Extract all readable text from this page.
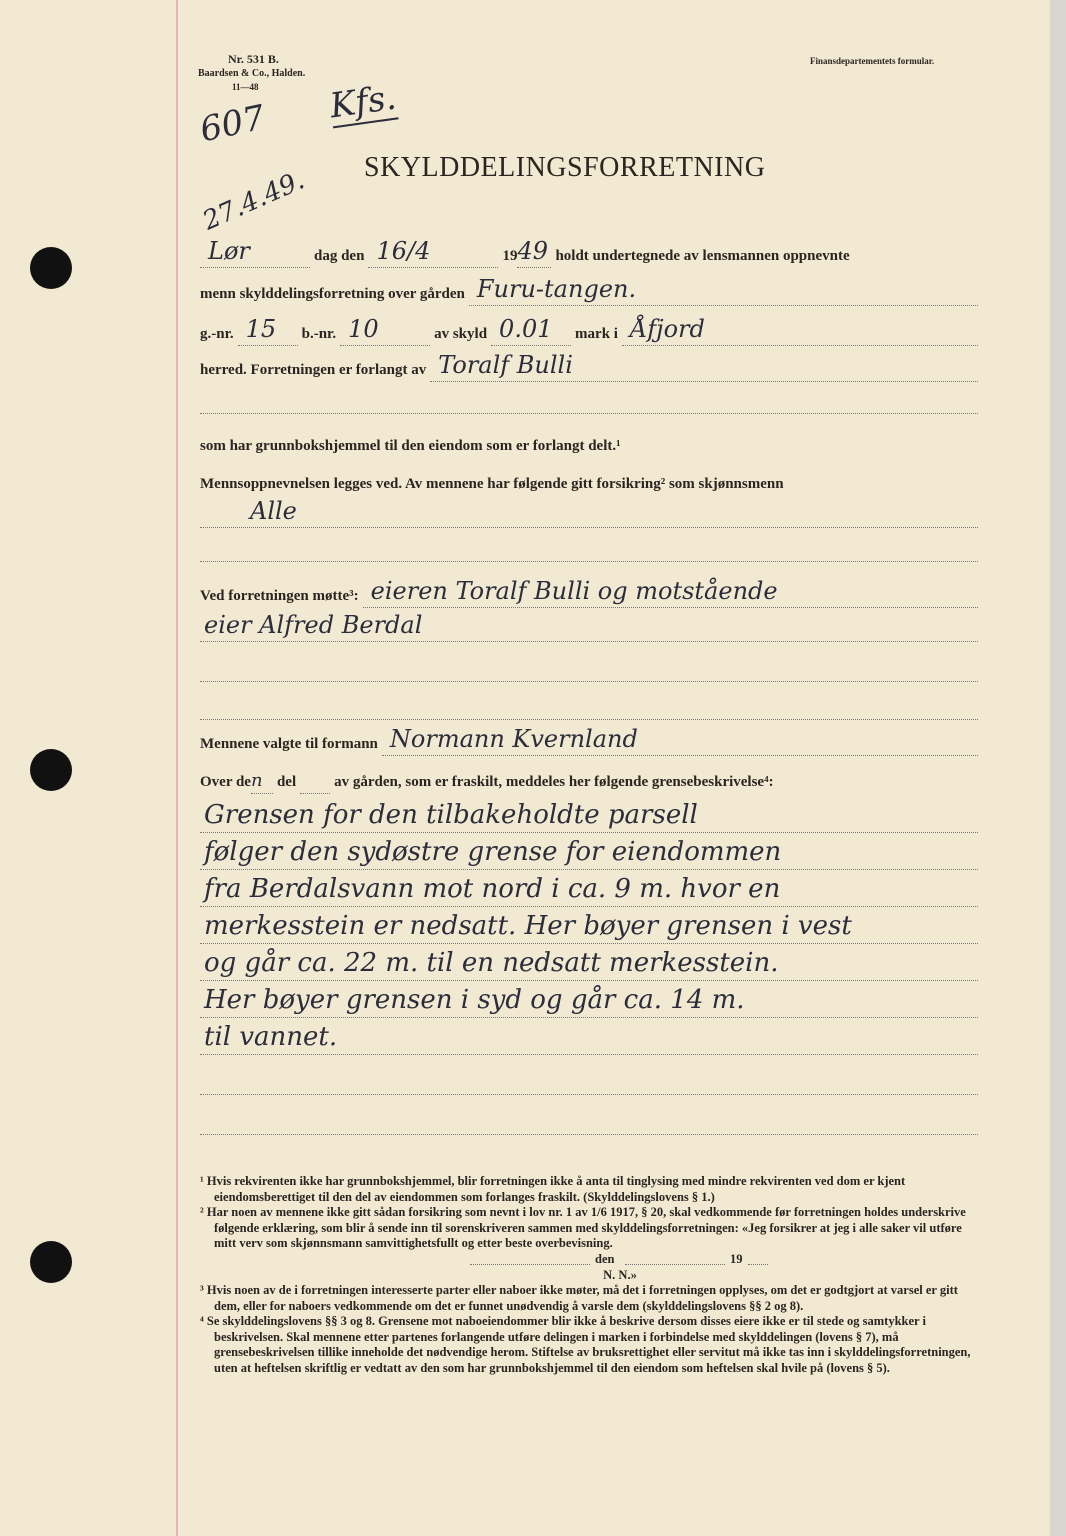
Nr. 531 B.
Baardsen & Co., Halden.
11—48
Finansdepartementets formular.
607
27.4.49.
Kfs.
SKYLDDELINGSFORRETNING
Lør	dag den 16/4	19 49 holdt undertegnede av lensmannen oppnevnte
menn skylddelingsforretning over gården Furu-tangen.
g.-nr. 15 b.-nr. 10	av skyld 0.01 mark i Åfjord
herred. Forretningen er forlangt av Toralf Bulli
som har grunnbokshjemmel til den eiendom som er forlangt delt.¹
Mennsoppnevnelsen legges ved. Av mennene har følgende gitt forsikring² som skjønnsmenn
Alle
Ved forretningen møtte³: eieren Toralf Bulli og motstående
eier Alfred Berdal
Mennene valgte til formann Normann Kvernland
Over de n del	av gården, som er fraskilt, meddeles her følgende grensebeskrivelse⁴:
Grensen for den tilbakeholdte parsell
følger den sydøstre grense for eiendommen
fra Berdalsvann mot nord i ca. 9 m. hvor en
merkesstein er nedsatt. Her bøyer grensen i vest
og går ca. 22 m. til en nedsatt merkesstein.
Her bøyer grensen i syd og går ca. 14 m.
til vannet.

¹ Hvis rekvirenten ikke har grunnbokshjemmel, blir forretningen ikke å anta til tinglysing med mindre rekvirenten ved dom er kjent eiendomsberettiget til den del av eiendommen som forlanges fraskilt. (Skylddelingslovens § 1.)

² Har noen av mennene ikke gitt sådan forsikring som nevnt i lov nr. 1 av 1/6 1917, § 20, skal vedkommende før forretningen holdes underskrive følgende erklæring, som blir å sende inn til sorenskriveren sammen med skylddelingsforretningen: «Jeg forsikrer at jeg i alle saker vil utføre mitt verv som skjønnsmann samvittighetsfullt og etter beste overbevisning.

den	19
N. N.»

³ Hvis noen av de i forretningen interesserte parter eller naboer ikke møter, må det i forretningen opplyses, om det er godtgjort at varsel er gitt dem, eller for naboers vedkommende om det er funnet unødvendig å varsle dem (skylddelingslovens §§ 2 og 8).

⁴ Se skylddelingslovens §§ 3 og 8. Grensene mot naboeiendommer blir ikke å beskrive dersom disses eiere ikke er til stede og samtykker i beskrivelsen. Skal mennene etter partenes forlangende utføre delingen i marken i forbindelse med skylddelingen (lovens § 7), må grensebeskrivelsen tillike inneholde det nødvendige herom. Stiftelse av bruksrettighet eller servitut må ikke tas inn i skylddelingsforretningen, uten at heftelsen skriftlig er vedtatt av den som har grunnbokshjemmel til den eiendom som heftelsen skal hvile på (lovens § 5).
